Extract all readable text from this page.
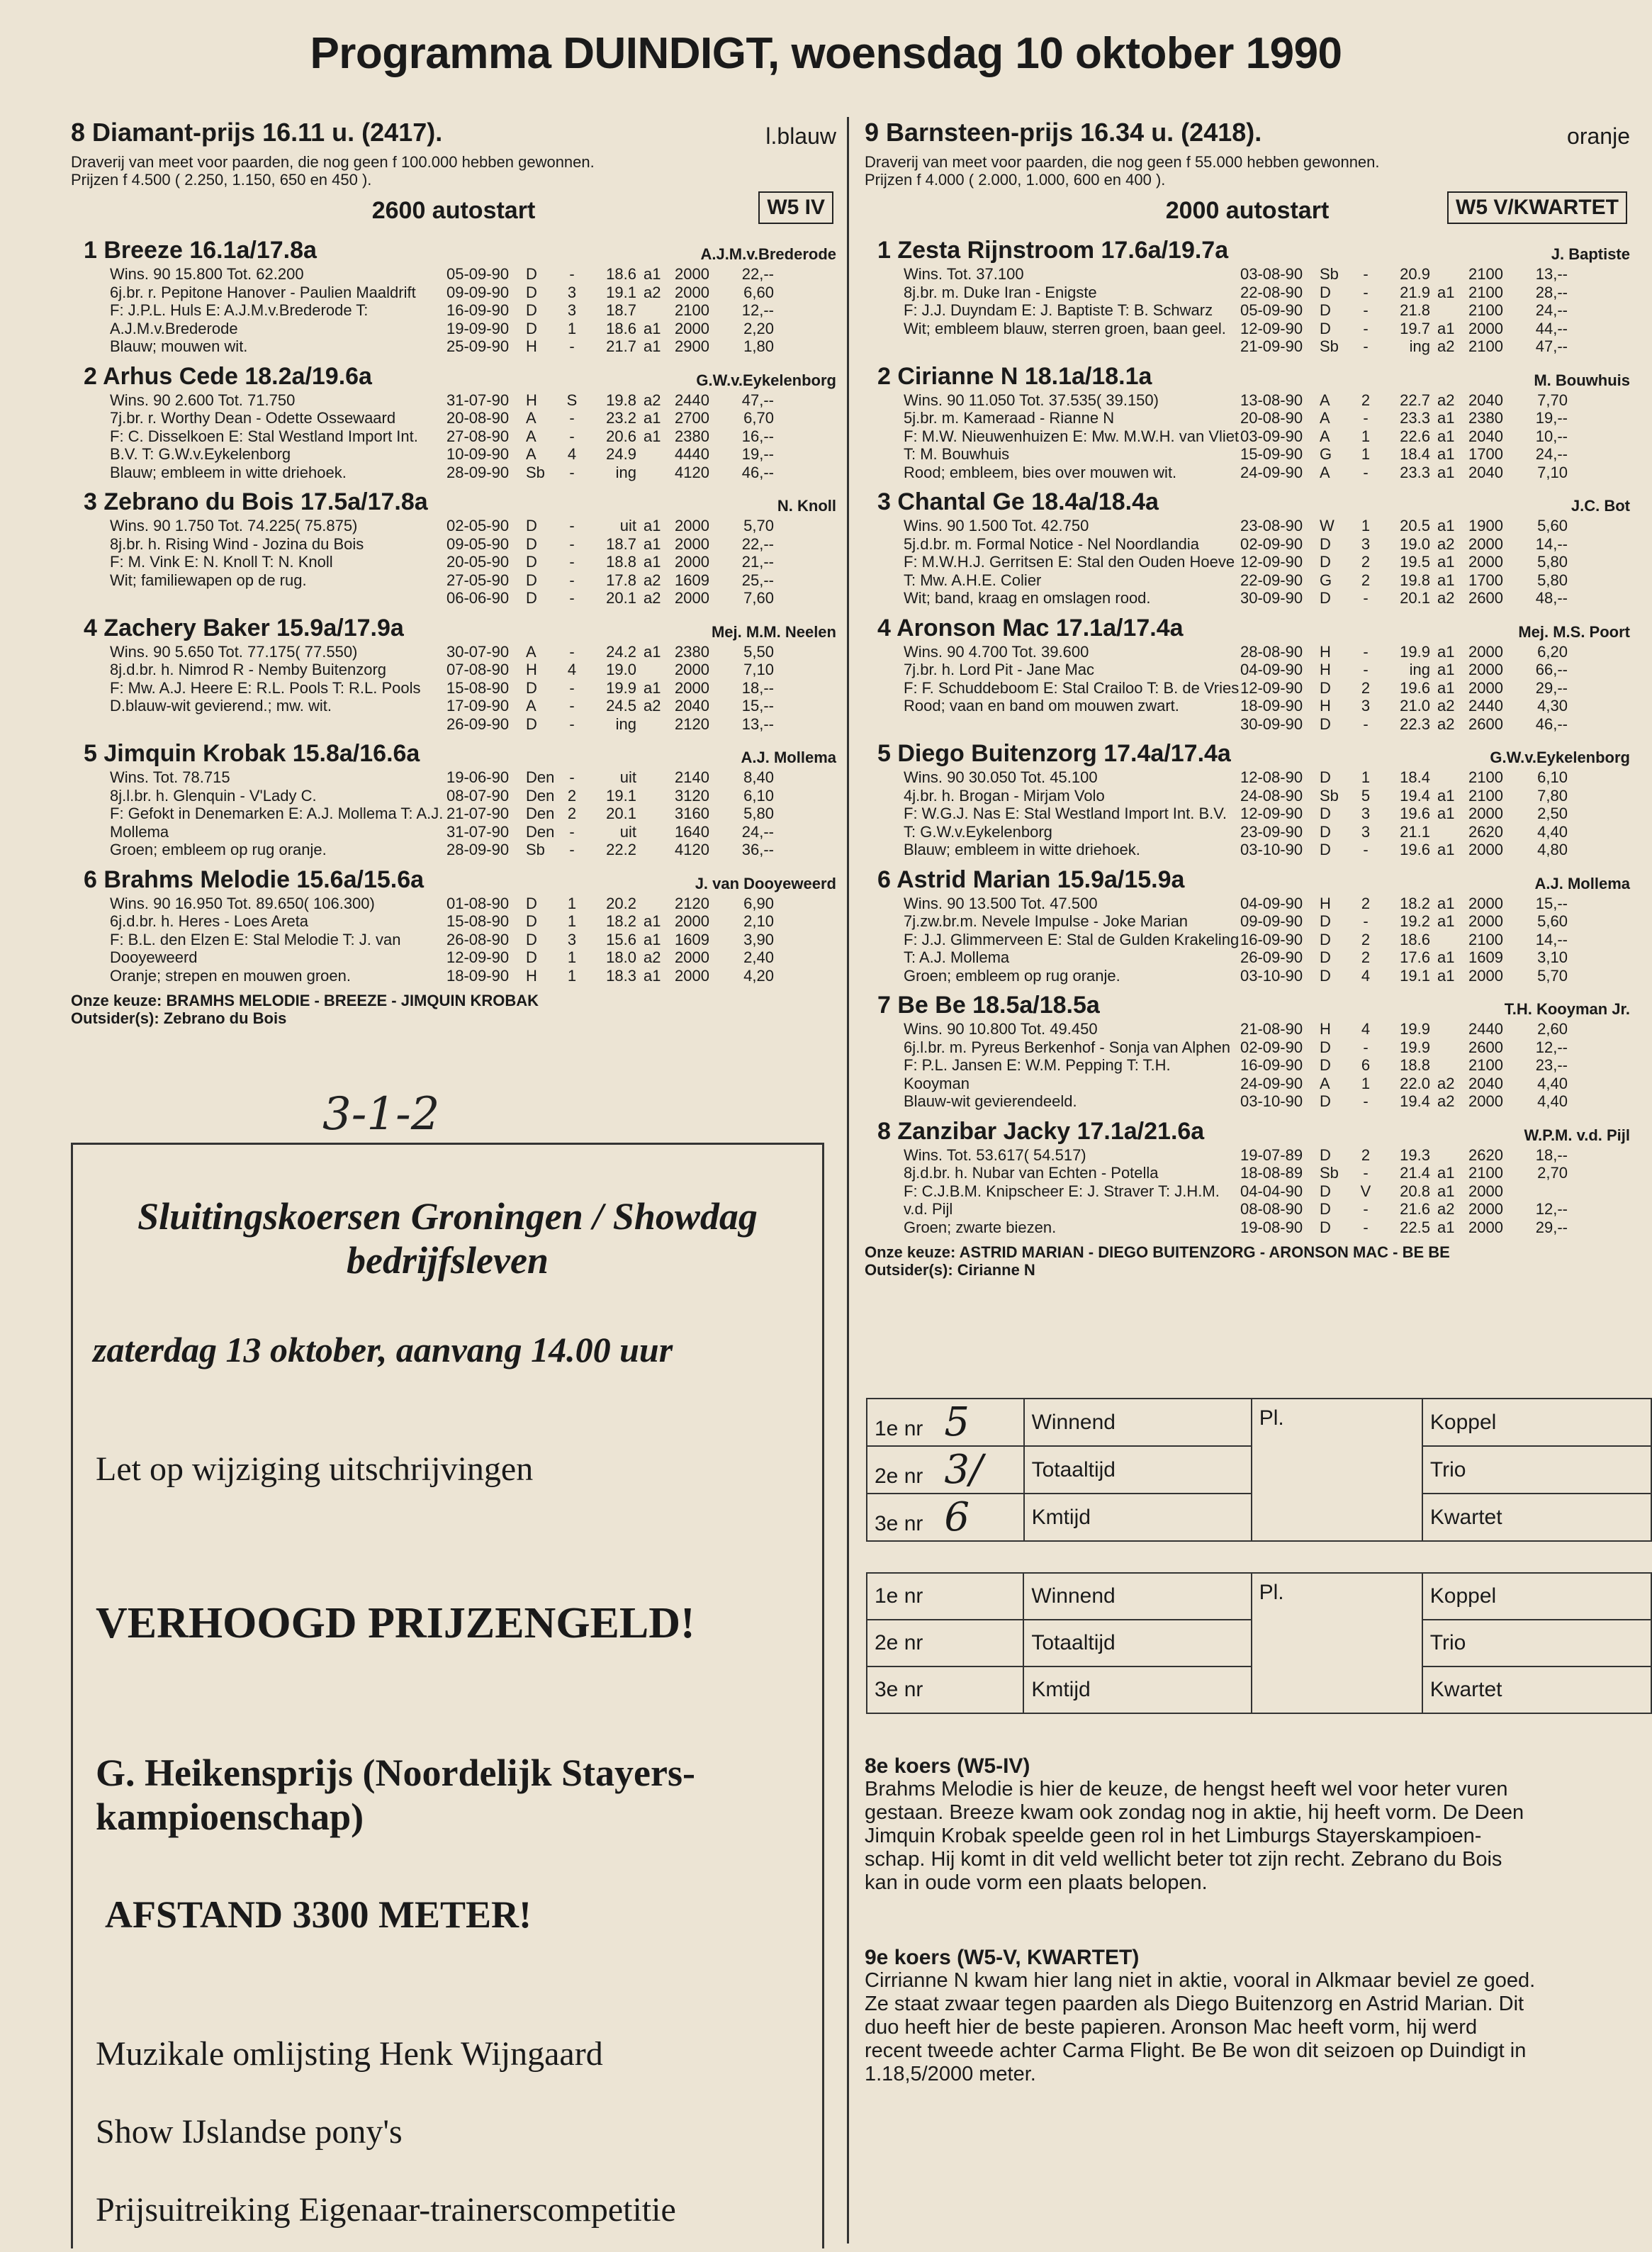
Programma DUINDIGT, woensdag 10 oktober 1990
8 Diamant-prijs 16.11 u. (2417).	l.blauw
Draverij van meet voor paarden, die nog geen f 100.000 hebben gewonnen.
Prijzen f 4.500 ( 2.250, 1.150, 650 en 450 ).
2600 autostart	W5 IV
1 Breeze 16.1a/17.8a	A.J.M.v.Brederode
Wins. 90 15.800 Tot. 62.200
6j.br. r. Pepitone Hanover - Paulien Maaldrift
F: J.P.L. Huls E: A.J.M.v.Brederode T:
A.J.M.v.Brederode
Blauw; mouwen wit.
05-09-90	D	-	18.6 a1 2000	22,--
09-09-90	D	3	19.1 a2 2000	6,60
16-09-90	D	3	18.7	2100	12,--
19-09-90	D	1	18.6 a1 2000	2,20
25-09-90	H	-	21.7 a1 2900	1,80
2 Arhus Cede 18.2a/19.6a	G.W.v.Eykelenborg
Wins. 90 2.600 Tot. 71.750
7j.br. r. Worthy Dean - Odette Ossewaard
F: C. Disselkoen E: Stal Westland Import Int.
B.V. T: G.W.v.Eykelenborg
Blauw; embleem in witte driehoek.
31-07-90	H	S	19.8 a2 2440	47,--
20-08-90	A	-	23.2 a1 2700	6,70
27-08-90	A	-	20.6 a1 2380	16,--
10-09-90	A	4	24.9	4440	19,--
28-09-90	Sb	-	ing	4120	46,--
3 Zebrano du Bois 17.5a/17.8a	N. Knoll
Wins. 90 1.750 Tot. 74.225( 75.875)
8j.br. h. Rising Wind - Jozina du Bois
F: M. Vink E: N. Knoll T: N. Knoll
Wit; familiewapen op de rug.
02-05-90	D	-	uit a1 2000	5,70
09-05-90	D	-	18.7 a1 2000	22,--
20-05-90	D	-	18.8 a1 2000	21,--
27-05-90	D	-	17.8 a2 1609	25,--
06-06-90	D	-	20.1 a2 2000	7,60
4 Zachery Baker 15.9a/17.9a	Mej. M.M. Neelen
Wins. 90 5.650 Tot. 77.175( 77.550)
8j.d.br. h. Nimrod R - Nemby Buitenzorg
F: Mw. A.J. Heere E: R.L. Pools T: R.L. Pools
D.blauw-wit gevierend.; mw. wit.
30-07-90	A	-	24.2 a1 2380	5,50
07-08-90	H	4	19.0	2000	7,10
15-08-90	D	-	19.9 a1 2000	18,--
17-09-90	A	-	24.5 a2 2040	15,--
26-09-90	D	-	ing	2120	13,--
5 Jimquin Krobak 15.8a/16.6a	A.J. Mollema
Wins. Tot. 78.715
8j.l.br. h. Glenquin - V'Lady C.
F: Gefokt in Denemarken E: A.J. Mollema T: A.J.
Mollema
Groen; embleem op rug oranje.
19-06-90	Den -	uit	2140	8,40
08-07-90	Den 2	19.1	3120	6,10
21-07-90	Den 2	20.1	3160	5,80
31-07-90	Den -	uit	1640	24,--
28-09-90	Sb	-	22.2	4120	36,--
6 Brahms Melodie 15.6a/15.6a	J. van Dooyeweerd
Wins. 90 16.950 Tot. 89.650( 106.300)
6j.d.br. h. Heres - Loes Areta
F: B.L. den Elzen E: Stal Melodie T: J. van
Dooyeweerd
Oranje; strepen en mouwen groen.
01-08-90	D	1	20.2	2120	6,90
15-08-90	D	1	18.2 a1 2000	2,10
26-08-90	D	3	15.6 a1 1609	3,90
12-09-90	D	1	18.0 a2 2000	2,40
18-09-90	H	1	18.3 a1 2000	4,20
Onze keuze: BRAMHS MELODIE - BREEZE - JIMQUIN KROBAK
Outsider(s): Zebrano du Bois
9 Barnsteen-prijs 16.34 u. (2418).	oranje
Draverij van meet voor paarden, die nog geen f 55.000 hebben gewonnen.
Prijzen f 4.000 ( 2.000, 1.000, 600 en 400 ).
2000 autostart	W5 V/KWARTET
1 Zesta Rijnstroom 17.6a/19.7a	J. Baptiste
Wins. Tot. 37.100
8j.br. m. Duke Iran - Enigste
F: J.J. Duyndam E: J. Baptiste T: B. Schwarz
Wit; embleem blauw, sterren groen, baan geel.
03-08-90	Sb	-	20.9	2100	13,--
22-08-90	D	-	21.9 a1 2100	28,--
05-09-90	D	-	21.8	2100	24,--
12-09-90	D	-	19.7 a1 2000	44,--
21-09-90	Sb	-	ing a2 2100	47,--
2 Cirianne N 18.1a/18.1a	M. Bouwhuis
Wins. 90 11.050 Tot. 37.535( 39.150)
5j.br. m. Kameraad - Rianne N
F: M.W. Nieuwenhuizen E: Mw. M.W.H. van Vliet
T: M. Bouwhuis
Rood; embleem, bies over mouwen wit.
13-08-90	A	2	22.7 a2 2040	7,70
20-08-90	A	-	23.3 a1 2380	19,--
03-09-90	A	1	22.6 a1 2040	10,--
15-09-90	G	1	18.4 a1 1700	24,--
24-09-90	A	-	23.3 a1 2040	7,10
3 Chantal Ge 18.4a/18.4a	J.C. Bot
Wins. 90 1.500 Tot. 42.750
5j.d.br. m. Formal Notice - Nel Noordlandia
F: M.W.H.J. Gerritsen E: Stal den Ouden Hoeve
T: Mw. A.H.E. Colier
Wit; band, kraag en omslagen rood.
23-08-90	W	1	20.5 a1 1900	5,60
02-09-90	D	3	19.0 a2 2000	14,--
12-09-90	D	2	19.5 a1 2000	5,80
22-09-90	G	2	19.8 a1 1700	5,80
30-09-90	D	-	20.1 a2 2600	48,--
4 Aronson Mac 17.1a/17.4a	Mej. M.S. Poort
Wins. 90 4.700 Tot. 39.600
7j.br. h. Lord Pit - Jane Mac
F: F. Schuddeboom E: Stal Crailoo T: B. de Vries
Rood; vaan en band om mouwen zwart.
28-08-90	H	-	19.9 a1 2000	6,20
04-09-90	H	-	ing a1 2000	66,--
12-09-90	D	2	19.6 a1 2000	29,--
18-09-90	H	3	21.0 a2 2440	4,30
30-09-90	D	-	22.3 a2 2600	46,--
5 Diego Buitenzorg 17.4a/17.4a	G.W.v.Eykelenborg
Wins. 90 30.050 Tot. 45.100
4j.br. h. Brogan - Mirjam Volo
F: W.G.J. Nas E: Stal Westland Import Int. B.V.
T: G.W.v.Eykelenborg
Blauw; embleem in witte driehoek.
12-08-90	D	1	18.4	2100	6,10
24-08-90	Sb	5	19.4 a1 2100	7,80
12-09-90	D	3	19.6 a1 2000	2,50
23-09-90	D	3	21.1	2620	4,40
03-10-90	D	-	19.6 a1 2000	4,80
6 Astrid Marian 15.9a/15.9a	A.J. Mollema
Wins. 90 13.500 Tot. 47.500
7j.zw.br.m. Nevele Impulse - Joke Marian
F: J.J. Glimmerveen E: Stal de Gulden Krakeling
T: A.J. Mollema
Groen; embleem op rug oranje.
04-09-90	H	2	18.2 a1 2000	15,--
09-09-90	D	-	19.2 a1 2000	5,60
16-09-90	D	2	18.6	2100	14,--
26-09-90	D	2	17.6 a1 1609	3,10
03-10-90	D	4	19.1 a1 2000	5,70
7 Be Be 18.5a/18.5a	T.H. Kooyman Jr.
Wins. 90 10.800 Tot. 49.450
6j.l.br. m. Pyreus Berkenhof - Sonja van Alphen
F: P.L. Jansen E: W.M. Pepping T: T.H.
Kooyman
Blauw-wit gevierendeeld.
21-08-90	H	4	19.9	2440	2,60
02-09-90	D	-	19.9	2600	12,--
16-09-90	D	6	18.8	2100	23,--
24-09-90	A	1	22.0 a2 2040	4,40
03-10-90	D	-	19.4 a2 2000	4,40
8 Zanzibar Jacky 17.1a/21.6a	W.P.M. v.d. Pijl
Wins. Tot. 53.617( 54.517)
8j.d.br. h. Nubar van Echten - Potella
F: C.J.B.M. Knipscheer E: J. Straver T: J.H.M.
v.d. Pijl
Groen; zwarte biezen.
19-07-89	D	2	19.3	2620	18,--
18-08-89	Sb	-	21.4 a1 2100	2,70
04-04-90	D	V	20.8 a1 2000
08-08-90	D	-	21.6 a2 2000	12,--
19-08-90	D	-	22.5 a1 2000	29,--
Onze keuze: ASTRID MARIAN - DIEGO BUITENZORG - ARONSON MAC - BE BE
Outsider(s): Cirianne N
3-1-2
Sluitingskoersen Groningen / Showdag
bedrijfsleven
zaterdag 13 oktober, aanvang 14.00 uur
Let op wijziging uitschrijvingen
VERHOOGD PRIJZENGELD!
G. Heikensprijs (Noordelijk Stayers-
kampioenschap)
AFSTAND 3300 METER!
Muzikale omlijsting Henk Wijngaard
Show IJslandse pony's
Prijsuitreiking Eigenaar-trainerscompetitie
1e nr 5	Winnend	Pl.	Koppel
2e nr 3/	Totaaltijd		Trio
3e nr 6	Kmtijd		Kwartet
1e nr	Winnend	Pl.	Koppel
2e nr	Totaaltijd		Trio
3e nr	Kmtijd		Kwartet
8e koers (W5-IV)
Brahms Melodie is hier de keuze, de hengst heeft wel voor heter vuren
gestaan. Breeze kwam ook zondag nog in aktie, hij heeft vorm. De Deen
Jimquin Krobak speelde geen rol in het Limburgs Stayerskampioen-
schap. Hij komt in dit veld wellicht beter tot zijn recht. Zebrano du Bois
kan in oude vorm een plaats belopen.
9e koers (W5-V, KWARTET)
Cirrianne N kwam hier lang niet in aktie, vooral in Alkmaar beviel ze goed.
Ze staat zwaar tegen paarden als Diego Buitenzorg en Astrid Marian. Dit
duo heeft hier de beste papieren. Aronson Mac heeft vorm, hij werd
recent tweede achter Carma Flight. Be Be won dit seizoen op Duindigt in
1.18,5/2000 meter.
